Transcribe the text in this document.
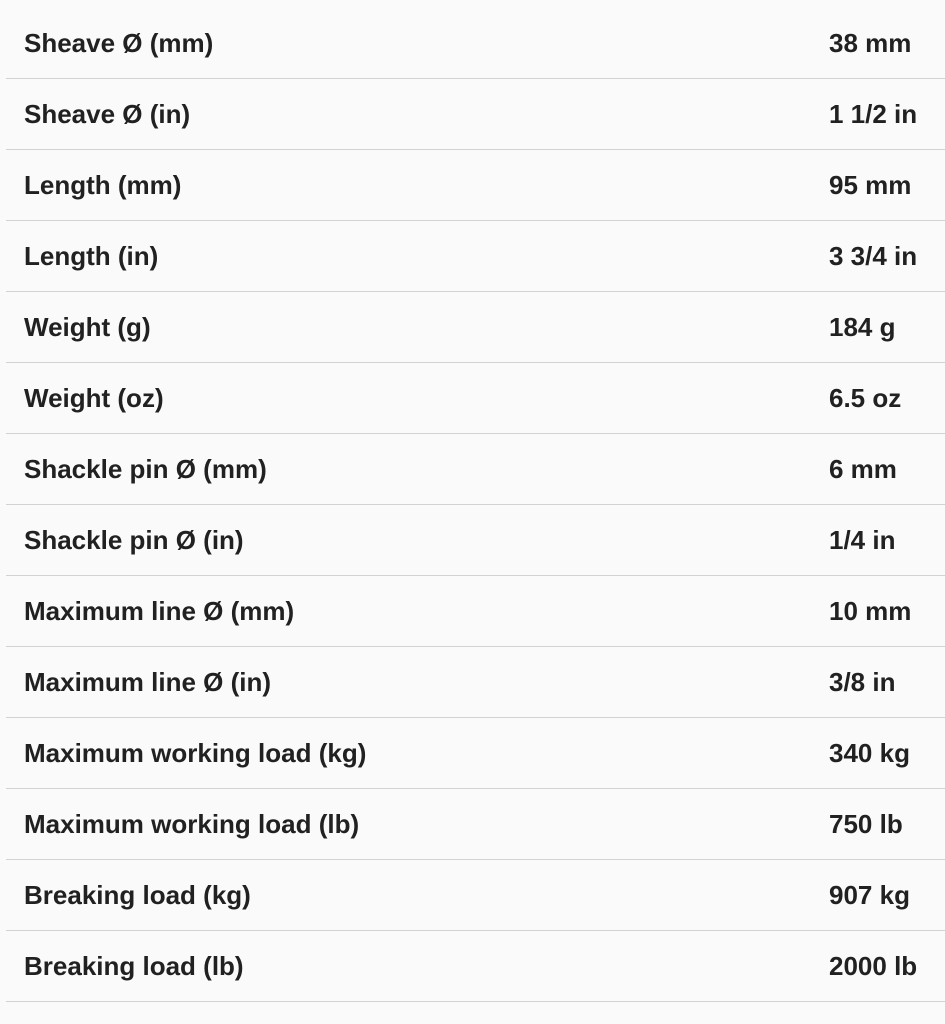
Sheave Ø (mm)	38 mm
Sheave Ø (in)	1 1/2 in
Length (mm)	95 mm
Length (in)	3 3/4 in
Weight (g)	184 g
Weight (oz)	6.5 oz
Shackle pin Ø (mm)	6 mm
Shackle pin Ø (in)	1/4 in
Maximum line Ø (mm)	10 mm
Maximum line Ø (in)	3/8 in
Maximum working load (kg)	340 kg
Maximum working load (lb)	750 lb
Breaking load (kg)	907 kg
Breaking load (lb)	2000 lb
